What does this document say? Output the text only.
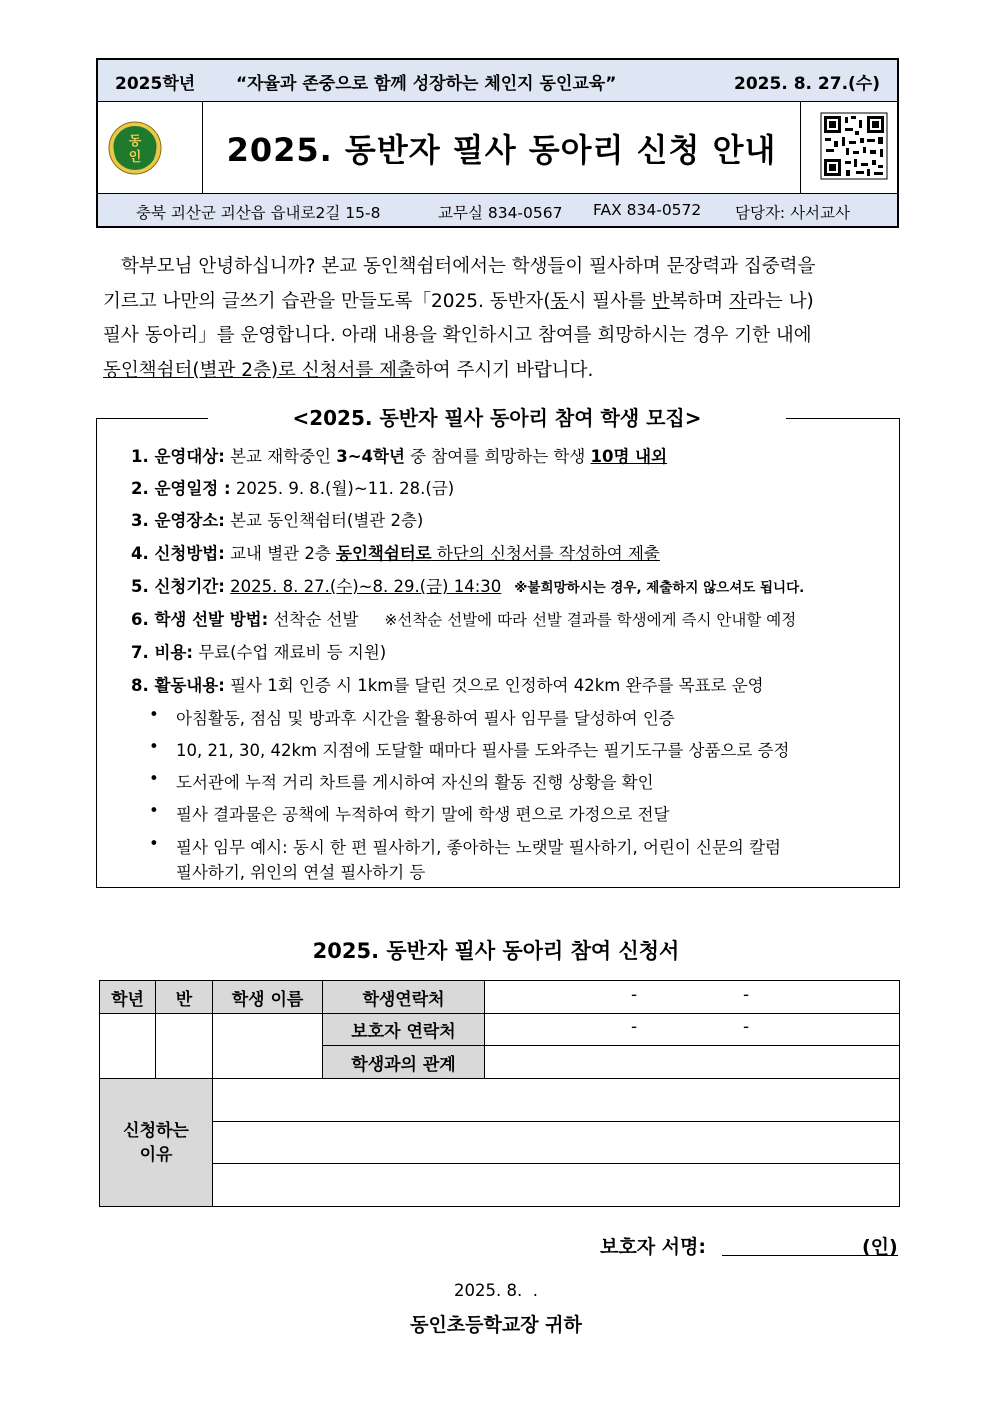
2025학년 “자율과 존중으로 함께 성장하는 체인지 동인교육”	2025. 8. 27.(수)
동
인	2025. 동반자 필사 동아리 신청 안내
충북 괴산군 괴산읍 읍내로2길 15-8	교무실 834-0567 FAX 834-0572 담당자: 사서교사

학부모님 안녕하십니까? 본교 동인책쉼터에서는 학생들이 필사하며 문장력과 집중력을

기르고 나만의 글쓰기 습관을 만들도록「2025. 동반자(동시 필사를 반복하며 자라는 나)

필사 동아리」를 운영합니다. 아래 내용을 확인하시고 참여를 희망하시는 경우 기한 내에

동인책쉼터(별관 2층)로 신청서를 제출하여 주시기 바랍니다.

<2025. 동반자 필사 동아리 참여 학생 모집>
1. 운영대상: 본교 재학중인 3~4학년 중 참여를 희망하는 학생 10명 내외
2. 운영일정 : 2025. 9. 8.(월)~11. 28.(금)
3. 운영장소: 본교 동인책쉼터(별관 2층)
4. 신청방법: 교내 별관 2층 동인책쉼터로 하단의 신청서를 작성하여 제출
5. 신청기간: 2025. 8. 27.(수)~8. 29.(금) 14:30 ※불희망하시는 경우, 제출하지 않으셔도 됩니다.
6. 학생 선발 방법: 선착순 선발 ※선착순 선발에 따라 선발 결과를 학생에게 즉시 안내할 예정
7. 비용: 무료(수업 재료비 등 지원)
8. 활동내용: 필사 1회 인증 시 1km를 달린 것으로 인정하여 42km 완주를 목표로 운영
• 아침활동, 점심 및 방과후 시간을 활용하여 필사 임무를 달성하여 인증
• 10, 21, 30, 42km 지점에 도달할 때마다 필사를 도와주는 필기도구를 상품으로 증정
• 도서관에 누적 거리 차트를 게시하여 자신의 활동 진행 상황을 확인
• 필사 결과물은 공책에 누적하여 학기 말에 학생 편으로 가정으로 전달
• 필사 임무 예시: 동시 한 편 필사하기, 좋아하는 노랫말 필사하기, 어린이 신문의 칼럼
필사하기, 위인의 연설 필사하기 등
2025. 동반자 필사 동아리 참여 신청서
학년	반	학생 이름	학생연락처	- -

			보호자 연락처	- -

			학생과의 관계	
신청하는
이유				

보호자 서명:	(인)
2025. 8.  .
동인초등학교장 귀하
